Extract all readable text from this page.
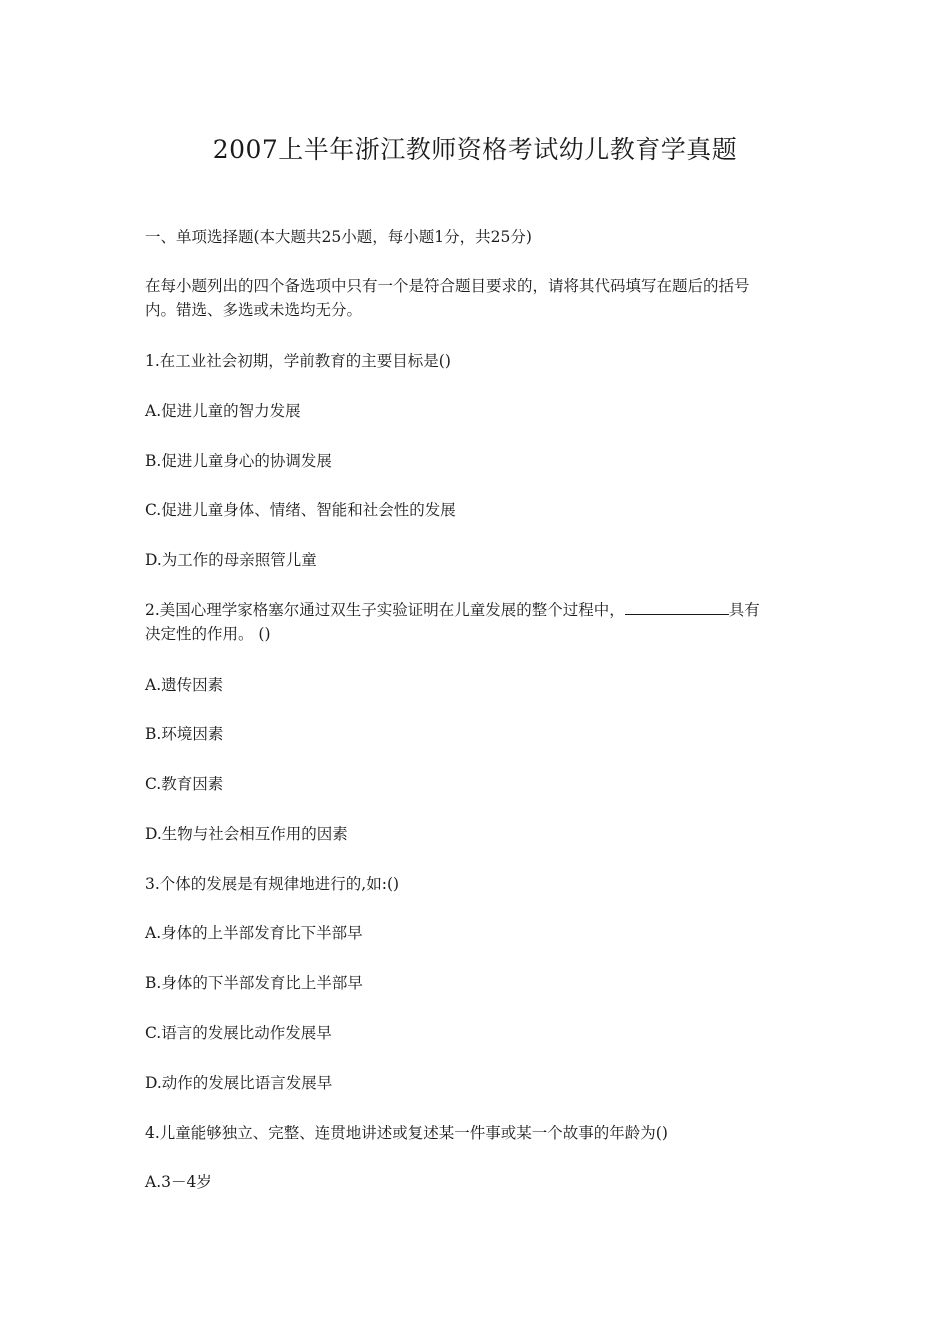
2007上半年浙江教师资格考试幼儿教育学真题
一、单项选择题(本大题共25小题，每小题1分，共25分)
在每小题列出的四个备选项中只有一个是符合题目要求的，请将其代码填写在题后的括号
内。错选、多选或未选均无分。
1.在工业社会初期，学前教育的主要目标是()
A.促进儿童的智力发展
B.促进儿童身心的协调发展
C.促进儿童身体、情绪、智能和社会性的发展
D.为工作的母亲照管儿童
2.美国心理学家格塞尔通过双生子实验证明在儿童发展的整个过程中，	具有
决定性的作用。 ()
A.遗传因素
B.环境因素
C.教育因素
D.生物与社会相互作用的因素
3.个体的发展是有规律地进行的,如:()
A.身体的上半部发育比下半部早
B.身体的下半部发育比上半部早
C.语言的发展比动作发展早
D.动作的发展比语言发展早
4.儿童能够独立、完整、连贯地讲述或复述某一件事或某一个故事的年龄为()
A.3－4岁
